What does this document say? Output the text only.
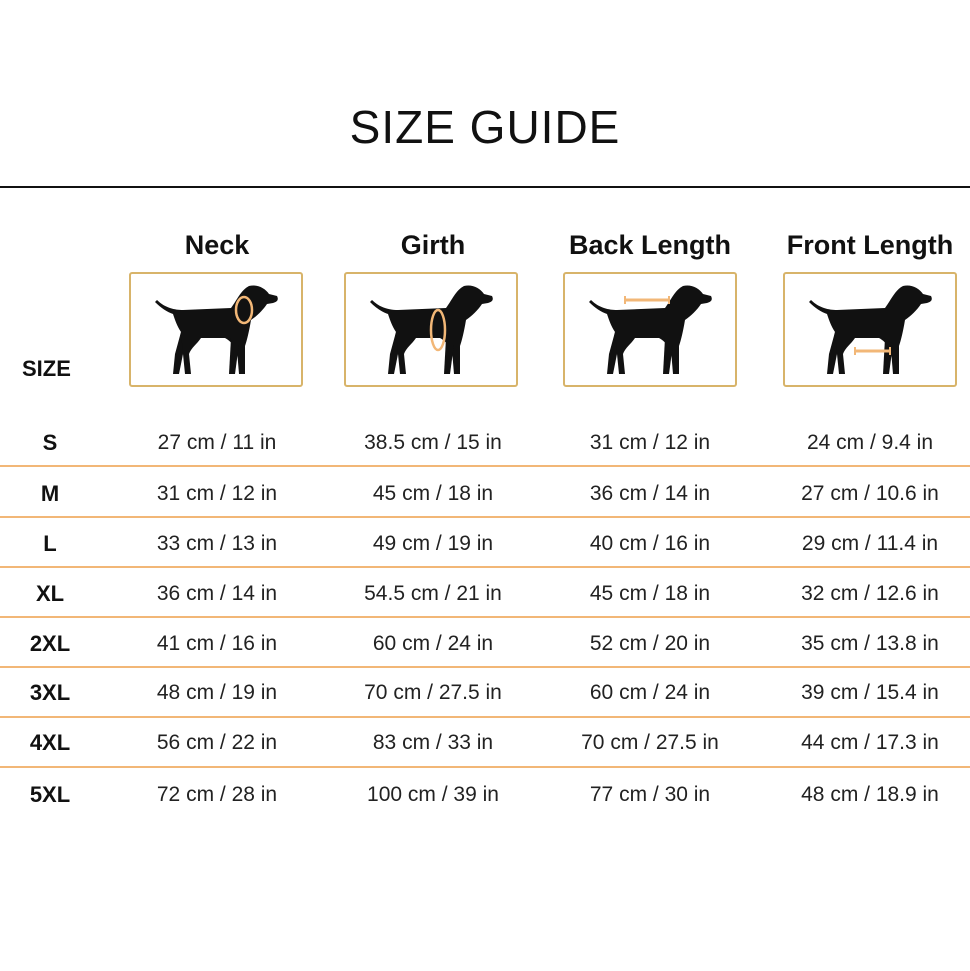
SIZE GUIDE
Neck	Girth	Back Length	Front Length
SIZE
S	27 cm / 11 in	38.5 cm / 15 in	31 cm / 12 in	24 cm / 9.4 in
M	31 cm / 12 in	45 cm / 18 in	36 cm / 14 in	27 cm / 10.6 in
L	33 cm / 13 in	49 cm / 19 in	40 cm / 16 in	29 cm / 11.4 in
XL	36 cm / 14 in	54.5 cm / 21 in	45 cm / 18 in	32 cm / 12.6 in
2XL	41 cm / 16 in	60 cm / 24 in	52 cm / 20 in	35 cm / 13.8 in
3XL	48 cm / 19 in	70 cm / 27.5 in	60 cm / 24 in	39 cm / 15.4 in
4XL	56 cm / 22 in	83 cm / 33 in	70 cm / 27.5 in	44 cm / 17.3 in
5XL	72 cm / 28 in	100 cm / 39 in	77 cm / 30 in	48 cm / 18.9 in
